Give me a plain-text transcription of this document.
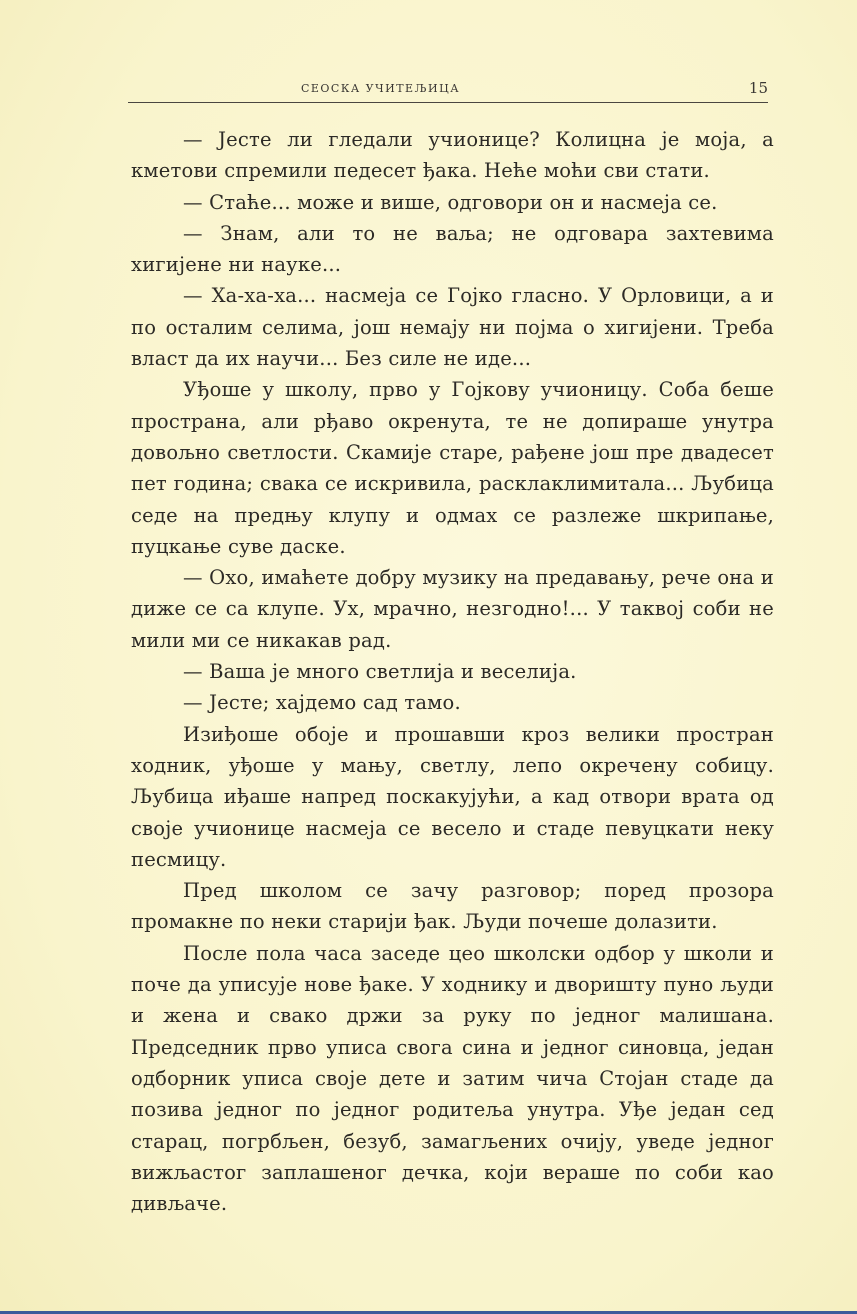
СЕОСКА УЧИТЕЉИЦА	15

— Јесте ли гледали учионице? Колицна је моја, а кметови спремили педесет ђака. Неће моћи сви стати.

— Стаће... може и више, одговори он и насмеја се.

— Знам, али то не ваља; не одговара захтевима хигијене ни науке...

— Ха-ха-ха... насмеја се Гојко гласно. У Орловици, а и по осталим селима, још немају ни појма о хигијени. Треба власт да их научи... Без силе не иде...

Уђоше у школу, прво у Гојкову учионицу. Соба беше пространа, али рђаво окренута, те не допираше унутра довољно светлости. Скамије старе, рађене још пре двадесет пет година; свака се искривила, расклаклимитала... Љубица седе на предњу клупу и одмах се разлеже шкрипање, пуцкање суве даске.

— Охо, имаћете добру музику на предавању, рече она и диже се са клупе. Ух, мрачно, незгодно!... У таквој соби не мили ми се никакав рад.

— Ваша је много светлија и веселија.

— Јесте; хајдемо сад тамо.

Изиђоше обоје и прошавши кроз велики простран ходник, уђоше у мању, светлу, лепо окречену собицу. Љубица иђаше напред поскакујући, а кад отвори врата од своје учионице насмеја се весело и стаде певуцкати неку песмицу.

Пред школом се зачу разговор; поред прозора промакне по неки старији ђак. Људи почеше долазити.

После пола часа заседе цео школски одбор у школи и поче да уписује нове ђаке. У ходнику и дворишту пуно људи и жена и свако држи за руку по једног малишана. Председник прво уписа свога сина и једног синовца, један одборник уписа своје дете и затим чича Стојан стаде да позива једног по једног родитеља унутра. Уђе један сед старац, погрбљен, безуб, замагљених очију, уведе једног вижљастог заплашеног дечка, који вераше по соби као дивљаче.
